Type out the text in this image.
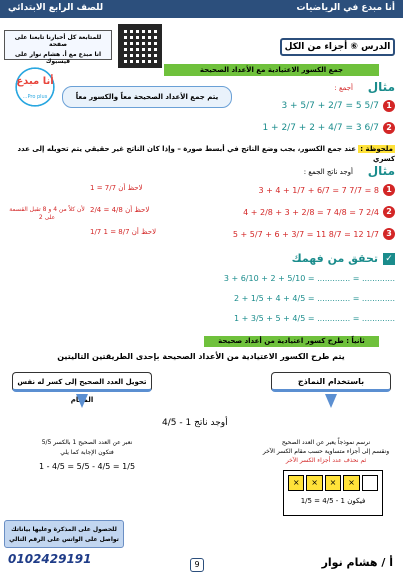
أنا مبدع في الرياضيات
للصف الرابع الابتدائي
للمتابعة كل أخبارنا تابعنا على صفحة
انا مبدع مع أ. هشام نوار على فيسبوك
الدرس ⑥ أجزاء من الكل
أنا مبدع
Pro plus...
جمع الكسور الاعتيادية مع الأعداد الصحيحة
مثال
أجمع :
3 + 5/7 + 2/7 = 5 5/7 1
1 + 2/7 + 2 + 4/7 = 3 6/7 2
يتم جمع الأعداد الصحيحة معاً والكسور معاً
ملحوظة : عند جمع الكسور، يجب وضع الناتج في أبسط صورة – وإذا كان الناتج غير حقيقي يتم تحويله إلى عدد كسري
مثال
أوجد ناتج الجمع :
3 + 4 + 1/7 + 6/7 = 7 7/7 = 8 1
لاحظ أن 7/7 = 1
4 + 2/8 + 3 + 2/8 = 7 4/8 = 7 2/4 2
لاحظ أن 4/8 = 2/4
لأن كلاً من 4 و 8 تقبل القسمة على 2
5 + 5/7 + 6 + 3/7 = 11 8/7 = 12 1/7 3
لاحظ أن 8/7 = 1 1/7
✓
تحقق من فهمك
3 + 6/10 + 2 + 5/10 = ............. = .............
2 + 1/5 + 4 + 4/5 = ............. = .............
1 + 3/5 + 5 + 4/5 = ............. = .............
ثانياً : طرح كسور اعتيادية من أعداد صحيحة
يتم طرح الكسور الاعتيادية من الأعداد الصحيحة بإحدى الطريقتين التاليتين
باستخدام النماذج
تحويل العدد الصحيح إلى كسر له نفس المقام
أوجد ناتج 1 - 4/5
نرسم نموذجاً يعبر عن العدد الصحيح
ونقسم إلى أجزاء متساوية حسب مقام الكسر الآخر
ثم نحذف عدد أجزاء الكسر الآخر
×	×	×	×
فيكون 1 - 4/5 = 1/5
نعبر عن العدد الصحيح 1 بالكسر 5/5
فتكون الإجابة كما يلي
1 - 4/5 = 5/5 - 4/5 = 1/5
للحصول على المذكرة وعليها بياناتك
تواصل على الواتس على الرقم التالي
0102429191	9	أ / هشام نوار
